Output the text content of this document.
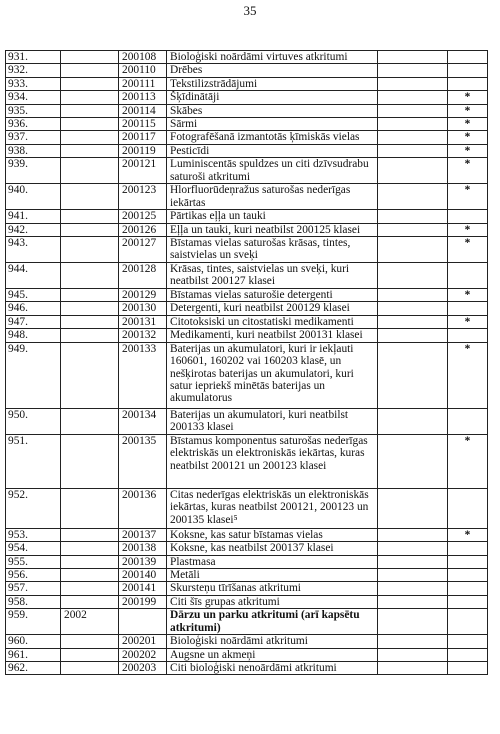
35
931.		200108	Bioloģiski noārdāmi virtuves atkritumi		
932.		200110	Drēbes		
933.		200111	Tekstilizstrādājumi		
934.		200113	Šķīdinātāji		*
935.		200114	Skābes		*
936.		200115	Sārmi		*
937.		200117	Fotografēšanā izmantotās ķīmiskās vielas		*
938.		200119	Pesticīdi		*
939.		200121	Luminiscentās spuldzes un citi dzīvsudrabu saturoši atkritumi		*
940.		200123	Hlorfluorūdeņražus saturošas nederīgas iekārtas		*
941.		200125	Pārtikas eļļa un tauki		
942.		200126	Eļļa un tauki, kuri neatbilst 200125 klasei		*
943.		200127	Bīstamas vielas saturošas krāsas, tintes, saistvielas un sveķi		*
944.		200128	Krāsas, tintes, saistvielas un sveķi, kuri neatbilst 200127 klasei		
945.		200129	Bīstamas vielas saturošie detergenti		*
946.		200130	Detergenti, kuri neatbilst 200129 klasei		
947.		200131	Citotoksiski un citostatiski medikamenti		*
948.		200132	Medikamenti, kuri neatbilst 200131 klasei		
949.		200133	Baterijas un akumulatori, kuri ir iekļauti 160601, 160202 vai 160203 klasē, un nešķirotas baterijas un akumulatori, kuri satur iepriekš minētās baterijas un akumulatorus		*
950.		200134	Baterijas un akumulatori, kuri neatbilst 200133 klasei		
951.		200135	Bīstamus komponentus saturošas nederīgas elektriskās un elektroniskās iekārtas, kuras neatbilst 200121 un 200123 klasei		*
952.		200136	Citas nederīgas elektriskās un elektroniskās iekārtas, kuras neatbilst 200121, 200123 un 200135 klasei⁵		
953.		200137	Koksne, kas satur bīstamas vielas		*
954.		200138	Koksne, kas neatbilst 200137 klasei		
955.		200139	Plastmasa		
956.		200140	Metāli		
957.		200141	Skursteņu tīrīšanas atkritumi		
958.		200199	Citi šīs grupas atkritumi		
959.	2002		Dārzu un parku atkritumi (arī kapsētu atkritumi)		
960.		200201	Bioloģiski noārdāmi atkritumi		
961.		200202	Augsne un akmeņi		
962.		200203	Citi bioloģiski nenoārdāmi atkritumi		
